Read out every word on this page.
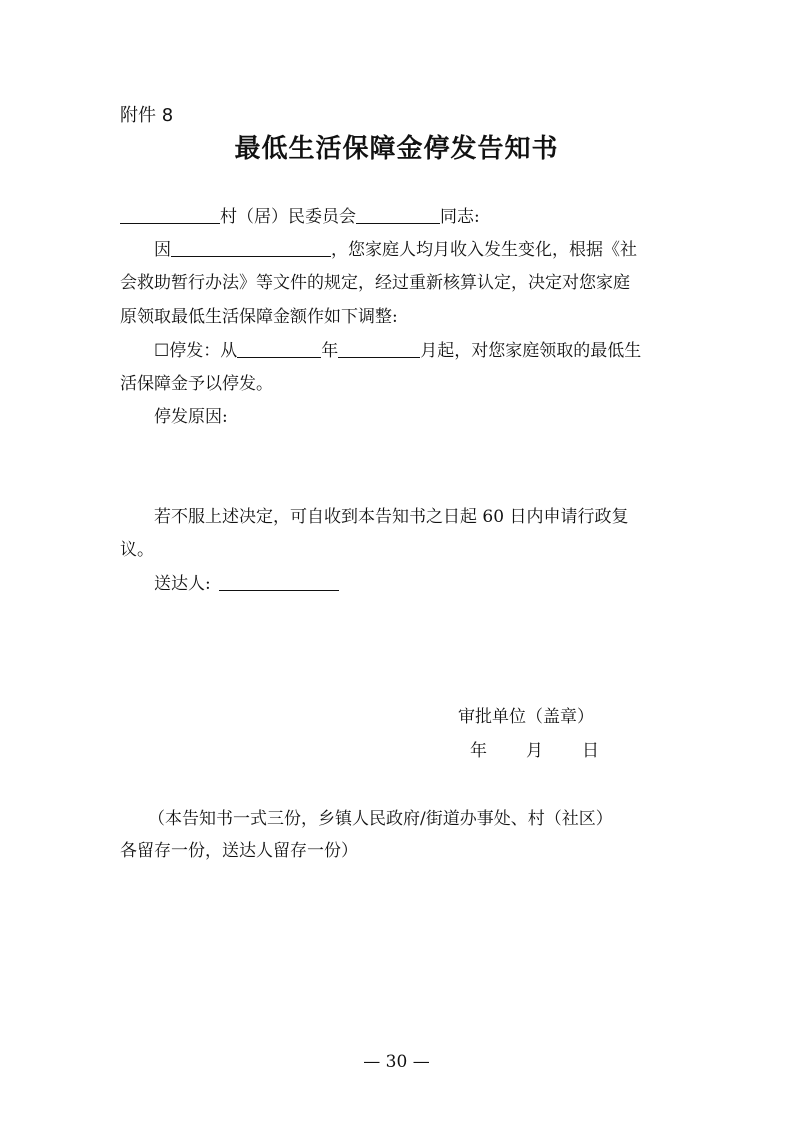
附件 8
最低生活保障金停发告知书
村（居）民委员会	同志:
因	，您家庭人均月收入发生变化，根据《社
会救助暂行办法》等文件的规定，经过重新核算认定，决定对您家庭
原领取最低生活保障金额作如下调整:
☐停发：从	年	月起，对您家庭领取的最低生
活保障金予以停发。
停发原因:
若不服上述决定，可自收到本告知书之日起 60 日内申请行政复
议。
送达人:
审批单位（盖章）
年 月 日
（本告知书一式三份，乡镇人民政府/街道办事处、村（社区）
各留存一份，送达人留存一份）
— 30 —
